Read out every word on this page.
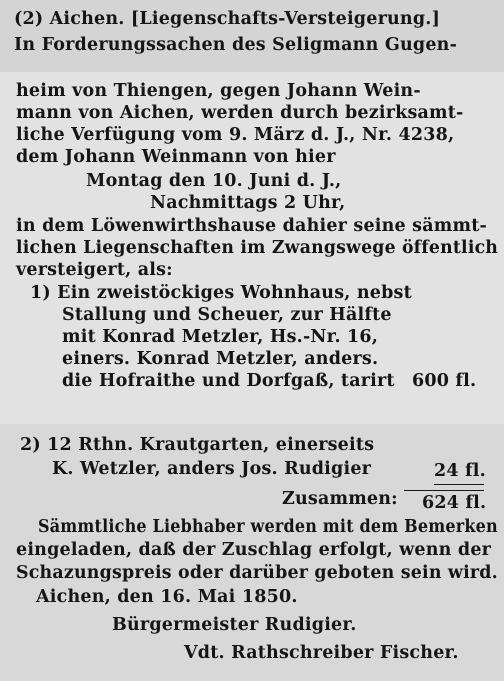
(2) Aichen. [Liegenschafts-Versteigerung.]
In Forderungssachen des Seligmann Gugen-
heim von Thiengen, gegen Johann Wein-
mann von Aichen, werden durch bezirksamt-
liche Verfügung vom 9. März d. J., Nr. 4238,
dem Johann Weinmann von hier
Montag den 10. Juni d. J.,
Nachmittags 2 Uhr,
in dem Löwenwirthshause dahier seine sämmt-
lichen Liegenschaften im Zwangswege öffentlich
versteigert, als:
1) Ein zweistöckiges Wohnhaus, nebst
Stallung und Scheuer, zur Hälfte
mit Konrad Metzler, Hs.-Nr. 16,
einers. Konrad Metzler, anders.
die Hofraithe und Dorfgaß, tarirt 600 fl.
2) 12 Rthn. Krautgarten, einerseits
K. Wetzler, anders Jos. Rudigier	24 fl.
Zusammen: 624 fl.
Sämmtliche Liebhaber werden mit dem Bemerken
eingeladen, daß der Zuschlag erfolgt, wenn der
Schazungspreis oder darüber geboten sein wird.
Aichen, den 16. Mai 1850.
Bürgermeister Rudigier.
Vdt. Rathschreiber Fischer.
